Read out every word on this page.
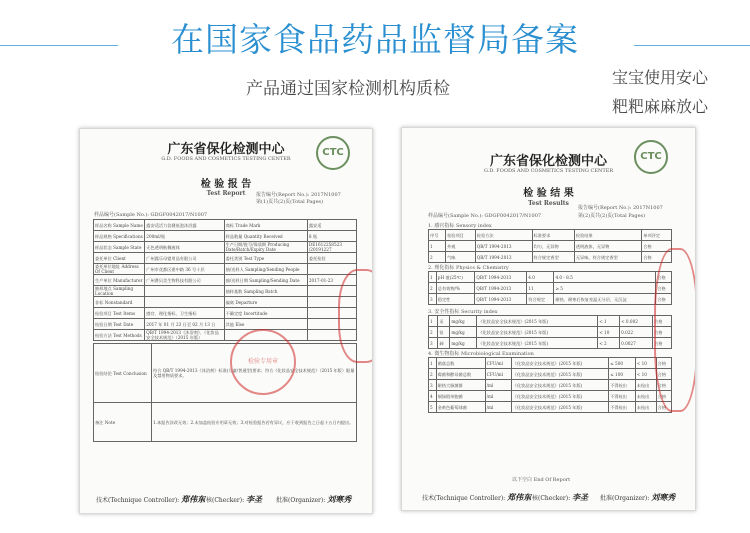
在国家食品药品监督局备案
产品通过国家检测机构质检
宝宝使用安心
粑粑麻麻放心
广东省保化检测中心
G.D. FOODS AND COSMETICS TESTING CENTER
CTC
检 验 报 告
Test Report	报告编号(Report No.): 2017N1007
第(1)页共(2)页(Total Pages)
样品编号(Sample No.): GDGF0042017/N1007
样品名称 Sample Name	露安适活力倍健低泡沐浴露	商标 Trade Mark	露安适
样品规格 Specifications	200ml/瓶	样品数量 Quantity Received	8 瓶
样品状态 Sample State	无色透明粘稠液体	生产日期/批号/保质期 Producing Date/Batch/Expiry Date	DE1612258523 /20191227
委托单位 Client	广州露乐母婴用品有限公司	委托类别 Test Type	委托检验
委托单位地址 Address Of Client	广州市花都区建中路 36 号十层	抽/送样人 Sampling/Sending People	
生产单位 Manufacturer	广州赛贝美生物科技有限公司	抽/送样日期 Sampling/Sending Date	2017-01-23
抽样地点 Sampling Location		抽样基数 Sampling Batch	
非标 Nonstandard		偏离 Departure	
检验项目 Test Items	感官、理化指标、卫生指标	不确定度 Incertitude	
检验日期 Test Date	2017 年 01 月 23 日至 02 月 13 日	其他 Else	
检验方法 Test Methods	QB/T 1994-2013《沐浴剂》、《化妆品安全技术规范》（2015 年版）		
检验结论 Test Conclusion	符合 QB/T 1994-2013《沐浴剂》标准(儿童/普通型)要求；符合《化妆品安全技术规范》（2015 年版）限量及禁用物质要求。
备注 Note	1.本报告涂改无效；2.未加盖检验专用章无效；3.对检验报告若有异议，应于收到报告之日起十五日内提出。
检验专用章
技术(Technique Controller): 郑伟东
审核(Checker): 李圣 批准(Organizer): 刘寒秀
广东省保化检测中心
G.D. FOODS AND COSMETICS TESTING CENTER
CTC
检 验 结 果
Test Results
样品编号(Sample No.): GDGF0042017/N1007
报告编号(Report No.): 2017N1007
第(2)页共(2)页(Total Pages)
1. 感官指标 Sensory index
序号	检验项目	检验方法	标准要求	检验结果	单项评定
1	外观	QB/T 1994-2013	均匀、无异物	透明液体，无异物	合格
2	气味	QB/T 1994-2013	符合规定香型	无异味，符合规定香型	合格
2. 理化指标 Physics & Chemistry
1	pH 值(25℃)	QB/T 1994-2013	4.0	4.0 - 8.5	合格
2	总有效物/%	QB/T 1994-2013	11	≥ 5	合格
3	稳定性	QB/T 1994-2013	符合规定	耐热、耐寒后恢复室温无分层、无沉淀	合格
3. 安全性指标 Security index
1	汞	mg/kg	《化妆品安全技术规范》(2015 年版)	< 1	< 0.002	合格
2	铅	mg/kg	《化妆品安全技术规范》(2015 年版)	< 10	0.022	合格
3	砷	mg/kg	《化妆品安全技术规范》(2015 年版)	< 2	0.0027	合格
4. 微生物指标 Microbiological Examination
1	菌落总数	CFU/ml	《化妆品安全技术规范》(2015 年版)	≤ 500	< 10	合格
2	霉菌和酵母菌总数	CFU/ml	《化妆品安全技术规范》(2015 年版)	≤ 100	< 10	合格
3	耐热大肠菌群	/ml	《化妆品安全技术规范》(2015 年版)	不得检出	未检出	合格
4	铜绿假单胞菌	/ml	《化妆品安全技术规范》(2015 年版)	不得检出	未检出	合格
5	金黄色葡萄球菌	/ml	《化妆品安全技术规范》(2015 年版)	不得检出	未检出	合格
以下空白 End Of Report
技术(Technique Controller): 郑伟东
审核(Checker): 李圣 批准(Organizer): 刘寒秀
